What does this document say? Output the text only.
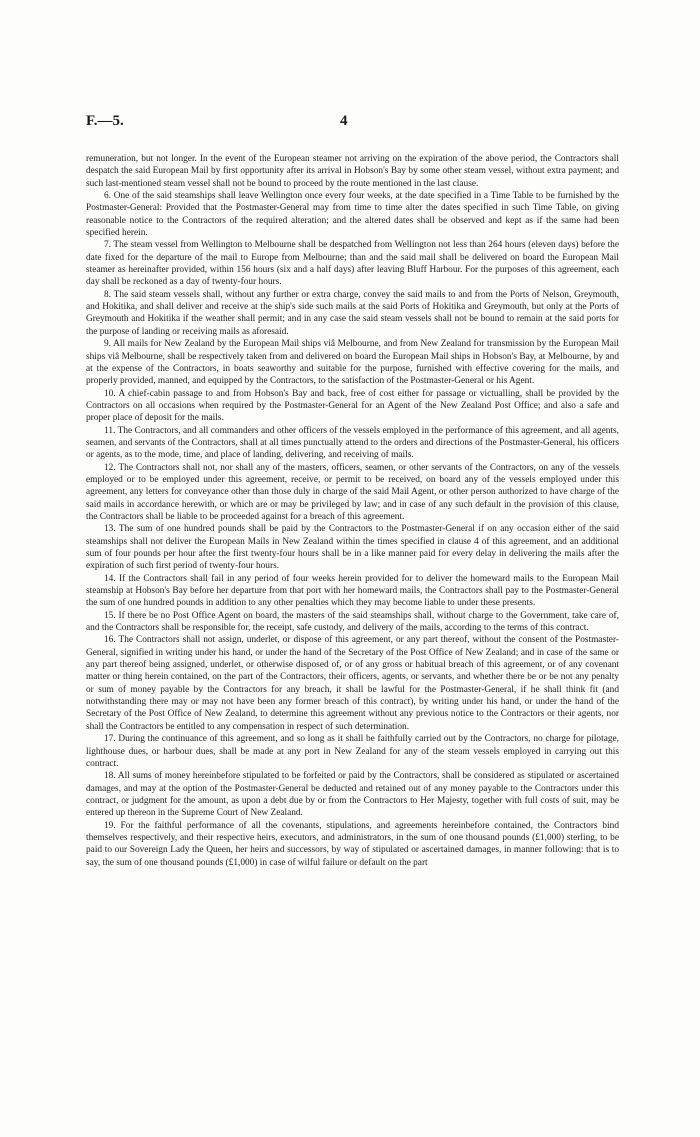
F.—5.	4

remuneration, but not longer. In the event of the European steamer not arriving on the expiration of the above period, the Contractors shall despatch the said European Mail by first opportunity after its arrival in Hobson's Bay by some other steam vessel, without extra payment; and such last-mentioned steam vessel shall not be bound to proceed by the route mentioned in the last clause.

6. One of the said steamships shall leave Wellington once every four weeks, at the date specified in a Time Table to be furnished by the Postmaster-General: Provided that the Postmaster-General may from time to time alter the dates specified in such Time Table, on giving reasonable notice to the Contractors of the required alteration; and the altered dates shall be observed and kept as if the same had been specified herein.

7. The steam vessel from Wellington to Melbourne shall be despatched from Wellington not less than 264 hours (eleven days) before the date fixed for the departure of the mail to Europe from Melbourne; than and the said mail shall be delivered on board the European Mail steamer as hereinafter provided, within 156 hours (six and a half days) after leaving Bluff Harbour. For the purposes of this agreement, each day shall be reckoned as a day of twenty-four hours.

8. The said steam vessels shall, without any further or extra charge, convey the said mails to and from the Ports of Nelson, Greymouth, and Hokitika, and shall deliver and receive at the ship's side such mails at the said Ports of Hokitika and Greymouth, but only at the Ports of Greymouth and Hokitika if the weather shall permit; and in any case the said steam vessels shall not be bound to remain at the said ports for the purpose of landing or receiving mails as aforesaid.

9. All mails for New Zealand by the European Mail ships viâ Melbourne, and from New Zealand for transmission by the European Mail ships viâ Melbourne, shall be respectively taken from and delivered on board the European Mail ships in Hobson's Bay, at Melbourne, by and at the expense of the Contractors, in boats seaworthy and suitable for the purpose, furnished with effective covering for the mails, and properly provided, manned, and equipped by the Contractors, to the satisfaction of the Postmaster-General or his Agent.

10. A chief-cabin passage to and from Hobson's Bay and back, free of cost either for passage or victualling, shall be provided by the Contractors on all occasions when required by the Postmaster-General for an Agent of the New Zealand Post Office; and also a safe and proper place of deposit for the mails.

11. The Contractors, and all commanders and other officers of the vessels employed in the performance of this agreement, and all agents, seamen, and servants of the Contractors, shall at all times punctually attend to the orders and directions of the Postmaster-General, his officers or agents, as to the mode, time, and place of landing, delivering, and receiving of mails.

12. The Contractors shall not, nor shall any of the masters, officers, seamen, or other servants of the Contractors, on any of the vessels employed or to be employed under this agreement, receive, or permit to be received, on board any of the vessels employed under this agreement, any letters for conveyance other than those duly in charge of the said Mail Agent, or other person authorized to have charge of the said mails in accordance herewith, or which are or may be privileged by law; and in case of any such default in the provision of this clause, the Contractors shall be liable to be proceeded against for a breach of this agreement.

13. The sum of one hundred pounds shall be paid by the Contractors to the Postmaster-General if on any occasion either of the said steamships shall not deliver the European Mails in New Zealand within the times specified in clause 4 of this agreement, and an additional sum of four pounds per hour after the first twenty-four hours shall be in a like manner paid for every delay in delivering the mails after the expiration of such first period of twenty-four hours.

14. If the Contractors shall fail in any period of four weeks herein provided for to deliver the homeward mails to the European Mail steamship at Hobson's Bay before her departure from that port with her homeward mails, the Contractors shall pay to the Postmaster-General the sum of one hundred pounds in addition to any other penalties which they may become liable to under these presents.

15. If there be no Post Office Agent on board, the masters of the said steamships shall, without charge to the Government, take care of, and the Contractors shall be responsible for, the receipt, safe custody, and delivery of the mails, according to the terms of this contract.

16. The Contractors shall not assign, underlet, or dispose of this agreement, or any part thereof, without the consent of the Postmaster-General, signified in writing under his hand, or under the hand of the Secretary of the Post Office of New Zealand; and in case of the same or any part thereof being assigned, underlet, or otherwise disposed of, or of any gross or habitual breach of this agreement, or of any covenant matter or thing herein contained, on the part of the Contractors, their officers, agents, or servants, and whether there be or be not any penalty or sum of money payable by the Contractors for any breach, it shall be lawful for the Postmaster-General, if he shall think fit (and notwithstanding there may or may not have been any former breach of this contract), by writing under his hand, or under the hand of the Secretary of the Post Office of New Zealand, to determine this agreement without any previous notice to the Contractors or their agents, nor shall the Contractors be entitled to any compensation in respect of such determination.

17. During the continuance of this agreement, and so long as it shall be faithfully carried out by the Contractors, no charge for pilotage, lighthouse dues, or harbour dues, shall be made at any port in New Zealand for any of the steam vessels employed in carrying out this contract.

18. All sums of money hereinbefore stipulated to be forfeited or paid by the Contractors, shall be considered as stipulated or ascertained damages, and may at the option of the Postmaster-General be deducted and retained out of any money payable to the Contractors under this contract, or judgment for the amount, as upon a debt due by or from the Contractors to Her Majesty, together with full costs of suit, may be entered up thereon in the Supreme Court of New Zealand.

19. For the faithful performance of all the covenants, stipulations, and agreements hereinbefore contained, the Contractors bind themselves respectively, and their respective heirs, executors, and administrators, in the sum of one thousand pounds (£1,000) sterling, to be paid to our Sovereign Lady the Queen, her heirs and successors, by way of stipulated or ascertained damages, in manner following: that is to say, the sum of one thousand pounds (£1,000) in case of wilful failure or default on the part
